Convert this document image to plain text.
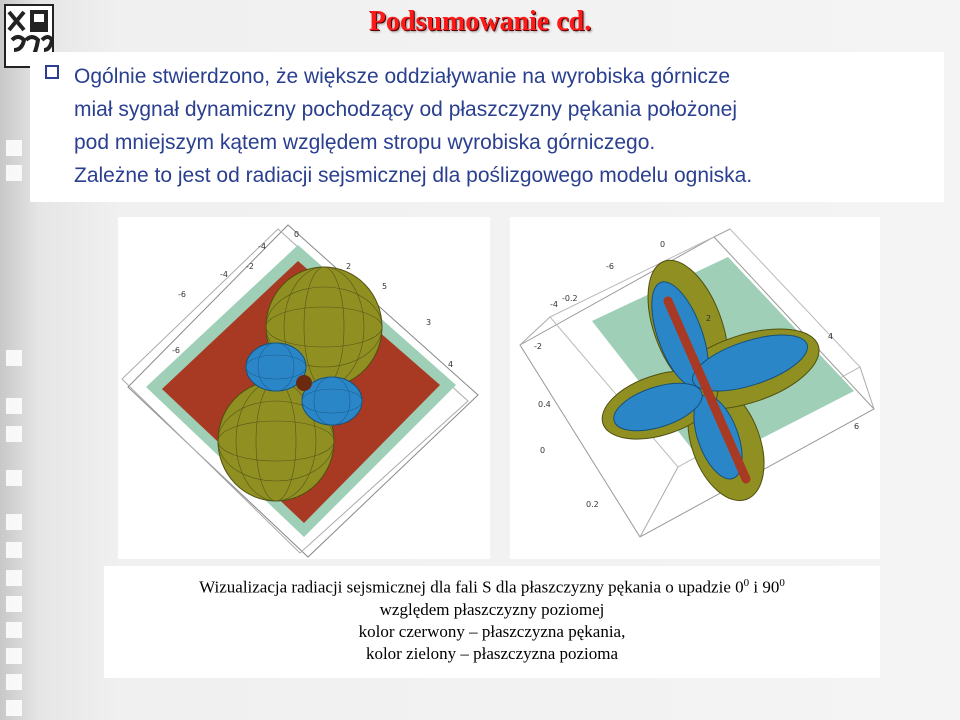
Podsumowanie cd.

Ogólnie stwierdzono, że większe oddziaływanie na wyrobiska górnicze
miał sygnał dynamiczny pochodzący od płaszczyzny pękania położonej
pod mniejszym kątem względem stropu wyrobiska górniczego.
Zależne to jest od radiacji sejsmicznej dla poślizgowego modelu ogniska.

-6
-4
-2
0
2
3
5
-6
-4
4
-6
-4
-2
0
2
4
0.2
-0.2
0.4
6
0
Wizualizacja radiacji sejsmicznej dla fali S dla płaszczyzny pękania o upadzie $0^0$ i $90^0$
względem płaszczyzny poziomej
kolor czerwony – płaszczyzna pękania,
kolor zielony – płaszczyzna pozioma
